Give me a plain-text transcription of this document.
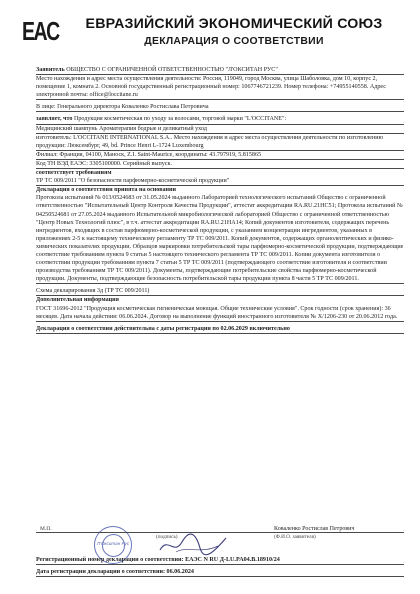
EAC	ЕВРАЗИЙСКИЙ ЭКОНОМИЧЕСКИЙ СОЮЗ
ДЕКЛАРАЦИЯ О СООТВЕТСТВИИ
Заявитель ОБЩЕСТВО С ОГРАНИЧЕННОЙ ОТВЕТСТВЕННОСТЬЮ "Л'ОКСИТАН РУС"
Место нахождения и адрес места осуществления деятельности: Россия, 119049, город Москва, улица Шаболовка, дом 10, корпус 2, помещение 1, комната 2. Основной государственный регистрационный номер: 1067746721239. Номер телефона: +74955140558. Адрес электронной почты: office@loccitane.ru
В лице: Генерального директора Коваленко Ростислава Петровича
заявляет, что Продукция косметическая по уходу за волосами, торговой марки "L'OCCITANE":
Медицинский шампунь Ароматерапия бодрые и деликатный уход
изготовитель: L'OCCITANE INTERNATIONAL S.A.. Место нахождения и адрес места осуществления деятельности по изготовлению продукции: Люксембург, 49, bd. Prince Henri L-1724 Luxembourg
Филиал: Франция, 04100, Маноск, Z.I. Saint-Maurice, координаты: 43.797919, 5.815865
Код ТН ВЭД ЕАЭС: 3305100000. Серийный выпуск.
соответствует требованиям
ТР ТС 009/2011 "О безопасности парфюмерно-косметической продукции"
Декларация о соответствии принята на основании
Протокола испытаний № 013/0524683 от 31.05.2024 выданного Лабораторией технологического испытаний Общество с ограниченной ответственностью "Испытательный Центр Контроля Качества Продукции", аттестат аккредитации RA.RU.21HC51; Протокола испытаний № 04250524681 от 27.05.2024 выданного Испытательной микробиологической лабораторией Общество с ограниченной ответственностью "Центр Новых Технологий плюс", в т.ч. аттестат аккредитации RA.RU.21HA14; Копий документов изготовителя, содержащих перечень ингредиентов, входящих в состав парфюмерно-косметической продукции, с указанием концентрации ингредиентов, указанных в приложениях 2-5 к настоящему техническому регламенту ТР ТС 009/2011. Копий документов, содержащих органолептических и физико-химических показателях продукции. Образцов маркировки потребительской тары парфюмерно-косметической продукции, подтверждающие соответствие требованиям пункта 9 статьи 5 настоящего технического регламента ТР ТС 009/2011. Копии документа изготовителя о соответствии продукции требованиям пункта 7 статьи 5 ТР ТС 009/2011 (подтверждающего соответствие изготовителя и соответствии производства требованиям ТР ТС 009/2011). Документы, подтверждающие потребительские свойства парфюмерно-косметической продукции. Документы, подтверждающие безопасность потребительской тары продукции пункта 8 части 5 ТР ТС 009/2011.
Схема декларирования 3д (ТР ТС 009/2011)
Дополнительная информация
ГОСТ 31696-2012 "Продукция косметическая гигиеническая моющая. Общие технические условия". Срок годности (срок хранения): 36 месяцев. Дата начала действия: 06.06.2024. Договор на выполнение функций иностранного изготовителя № X/1206-230 от 20.06.2012 года.
Декларация о соответствии действительна с даты регистрации по 02.06.2029 включительно
М.П.
Л'Окситан Рус
Коваленко Ростислав Петрович
(подпись)	(Ф.И.О. заявителя)
Регистрационный номер декларации о соответствии: ЕАЭС N RU Д-LU.PA04.B.18910/24
Дата регистрации декларации о соответствии: 06.06.2024
